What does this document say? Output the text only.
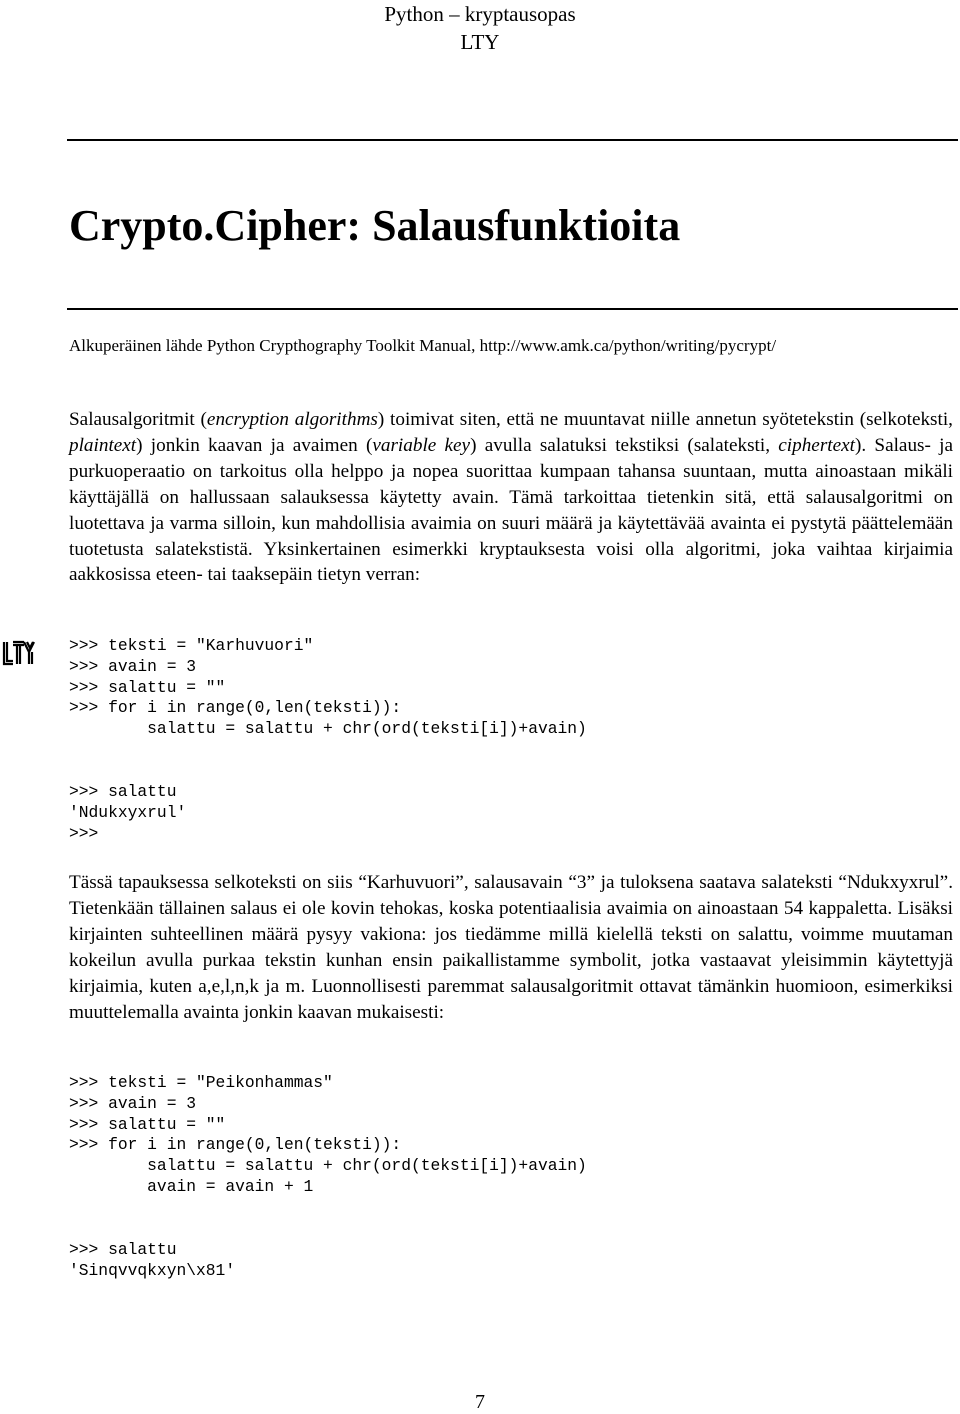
Python – kryptausopas
LTY
Crypto.Cipher: Salausfunktioita
Alkuperäinen lähde Python Crypthography Toolkit Manual, http://www.amk.ca/python/writing/pycrypt/

Salausalgoritmit (encryption algorithms) toimivat siten, että ne muuntavat niille annetun syötetekstin (selkoteksti, plaintext) jonkin kaavan ja avaimen (variable key) avulla salatuksi tekstiksi (salateksti, ciphertext). Salaus- ja purkuoperaatio on tarkoitus olla helppo ja nopea suorittaa kumpaan tahansa suuntaan, mutta ainoastaan mikäli käyttäjällä on hallussaan salauksessa käytetty avain. Tämä tarkoittaa tietenkin sitä, että salausalgoritmi on luotettava ja varma silloin, kun mahdollisia avaimia on suuri määrä ja käytettävää avainta ei pystytä päättelemään tuotetusta salatekstistä. Yksinkertainen esimerkki kryptauksesta voisi olla algoritmi, joka vaihtaa kirjaimia aakkosissa eteen- tai taaksepäin tietyn verran:

>>> teksti = "Karhuvuori"
>>> avain = 3
>>> salattu = ""
>>> for i in range(0,len(teksti)):
salattu = salattu + chr(ord(teksti[i])+avain)
>>> salattu
'Ndukxyxrul'
>>>

Tässä tapauksessa selkoteksti on siis “Karhuvuori”, salausavain “3” ja tuloksena saatava salateksti “Ndukxyxrul”. Tietenkään tällainen salaus ei ole kovin tehokas, koska potentiaalisia avaimia on ainoastaan 54 kappaletta. Lisäksi kirjainten suhteellinen määrä pysyy vakiona: jos tiedämme millä kielellä teksti on salattu, voimme muutaman kokeilun avulla purkaa tekstin kunhan ensin paikallistamme symbolit, jotka vastaavat yleisimmin käytettyjä kirjaimia, kuten a,e,l,n,k ja m. Luonnollisesti paremmat salausalgoritmit ottavat tämänkin huomioon, esimerkiksi muuttelemalla avainta jonkin kaavan mukaisesti:

>>> teksti = "Peikonhammas"
>>> avain = 3
>>> salattu = ""
>>> for i in range(0,len(teksti)):
salattu = salattu + chr(ord(teksti[i])+avain)
avain = avain + 1
>>> salattu
'Sinqvvqkxyn\x81'
7
